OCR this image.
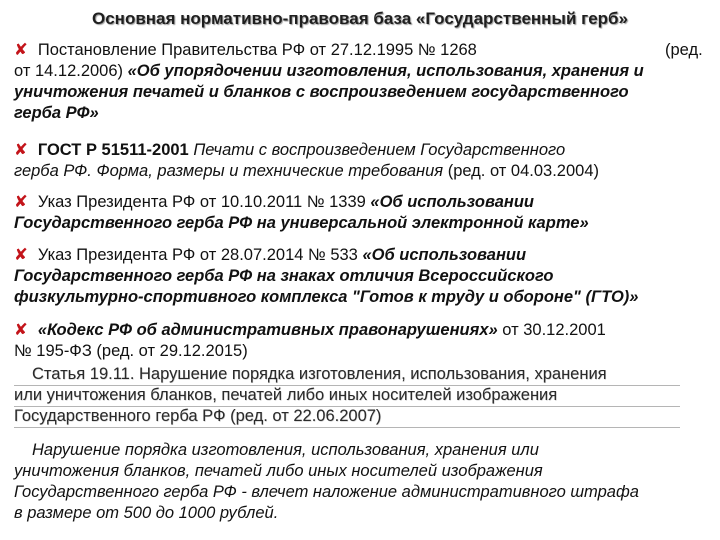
Основная нормативно-правовая база «Государственный герб»
✘ Постановление Правительства РФ от 27.12.1995 № 1268	(ред.
от 14.12.2006) «Об упорядочении изготовления, использования, хранения и
уничтожения печатей и бланков с воспроизведением государственного
герба РФ»
✘ ГОСТ Р 51511-2001 Печати с воспроизведением Государственного
герба РФ. Форма, размеры и технические требования (ред. от 04.03.2004)
✘ Указ Президента РФ от 10.10.2011 № 1339 «Об использовании
Государственного герба РФ на универсальной электронной карте»
✘ Указ Президента РФ от 28.07.2014 № 533 «Об использовании
Государственного герба РФ на знаках отличия Всероссийского
физкультурно-спортивного комплекса "Готов к труду и обороне" (ГТО)»
✘ «Кодекс РФ об административных правонарушениях» от 30.12.2001
№ 195-ФЗ (ред. от 29.12.2015)
Статья 19.11. Нарушение порядка изготовления, использования, хранения
или уничтожения бланков, печатей либо иных носителей изображения
Государственного герба РФ (ред. от 22.06.2007)
Нарушение порядка изготовления, использования, хранения или
уничтожения бланков, печатей либо иных носителей изображения
Государственного герба РФ - влечет наложение административного штрафа
в размере от 500 до 1000 рублей.
